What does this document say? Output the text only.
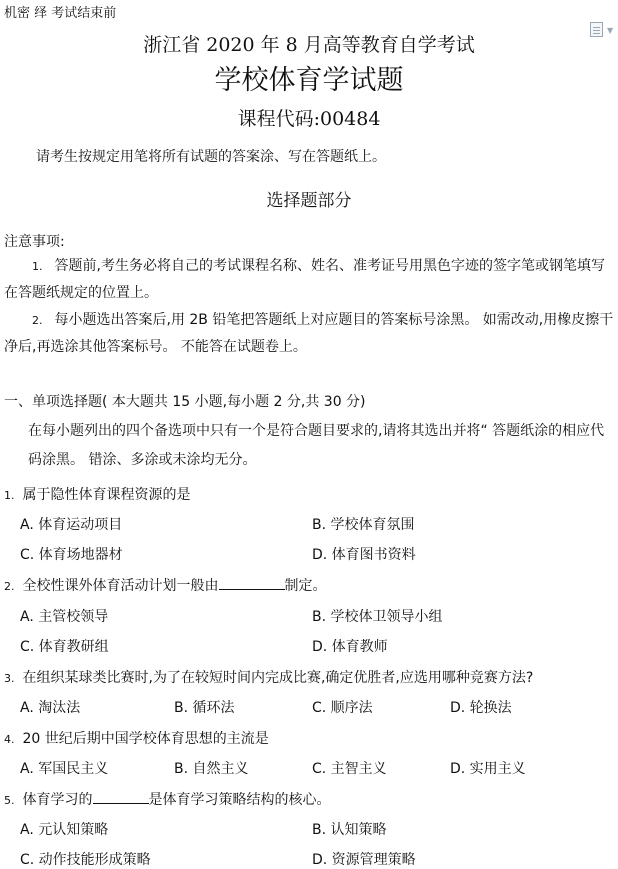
机密 绎 考试结束前
▼
浙江省 2020 年 8 月高等教育自学考试
学校体育学试题
课程代码:00484
请考生按规定用笔将所有试题的答案涂、写在答题纸上。
选择题部分
注意事项:
1. 答题前,考生务必将自己的考试课程名称、姓名、准考证号用黑色字迹的签字笔或钢笔填写在答题纸规定的位置上。
2. 每小题选出答案后,用 2B 铅笔把答题纸上对应题目的答案标号涂黑。 如需改动,用橡皮擦干净后,再选涂其他答案标号。 不能答在试题卷上。
一、单项选择题( 本大题共 15 小题,每小题 2 分,共 30 分)
在每小题列出的四个备选项中只有一个是符合题目要求的,请将其选出并将“ 答题纸涂的相应代码涂黑。 错涂、多涂或未涂均无分。
1. 属于隐性体育课程资源的是
A. 体育运动项目	B. 学校体育氛围
C. 体育场地器材	D. 体育图书资料
2. 全校性课外体育活动计划一般由	制定。
A. 主管校领导	B. 学校体卫领导小组
C. 体育教研组	D. 体育教师
3. 在组织某球类比赛时,为了在较短时间内完成比赛,确定优胜者,应选用哪种竞赛方法?
A. 淘汰法	B. 循环法	C. 顺序法	D. 轮换法
4. 20 世纪后期中国学校体育思想的主流是
A. 军国民主义	B. 自然主义	C. 主智主义	D. 实用主义
5. 体育学习的	是体育学习策略结构的核心。
A. 元认知策略	B. 认知策略
C. 动作技能形成策略	D. 资源管理策略
